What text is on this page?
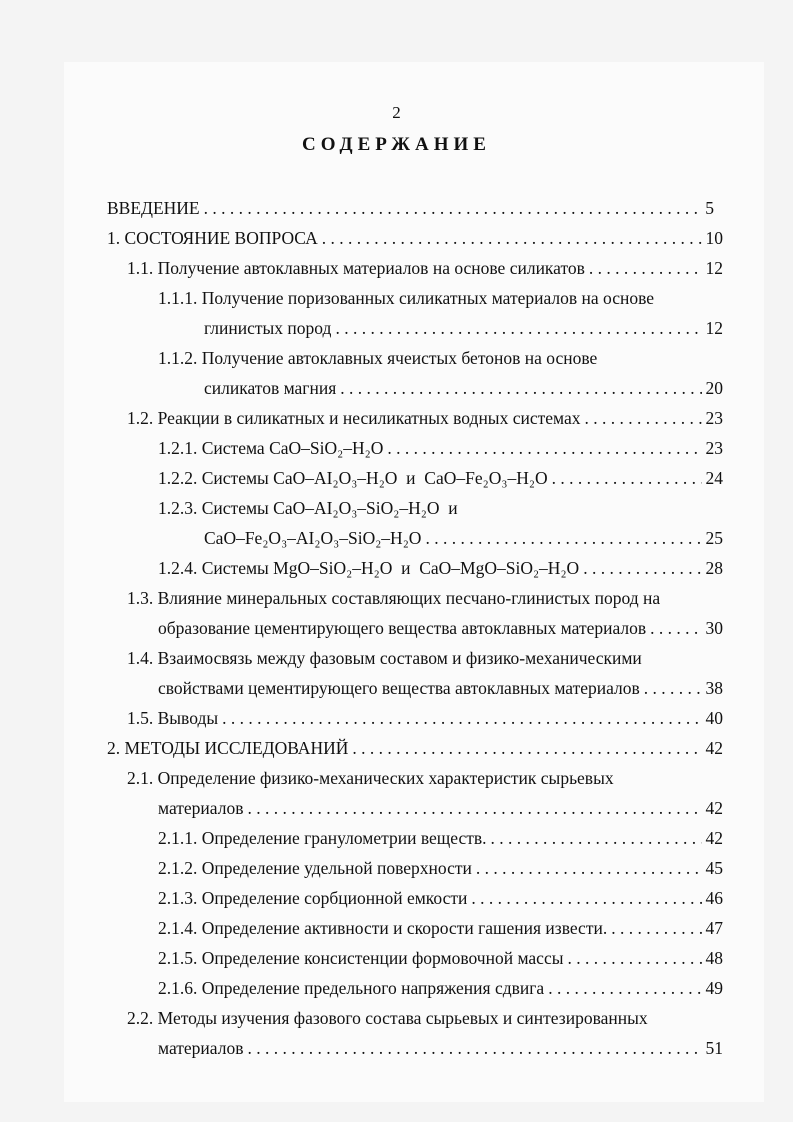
2
СОДЕРЖАНИЕ
ВВЕДЕНИЕ . . .	5
1. СОСТОЯНИЕ ВОПРОСА . . .	10
1.1. Получение автоклавных материалов на основе силикатов . . .	12
1.1.1. Получение поризованных силикатных материалов на основе
глинистых пород . . .	12
1.1.2. Получение автоклавных ячеистых бетонов на основе
силикатов магния . . .	20
1.2. Реакции в силикатных и несиликатных водных системах . . .	23
1.2.1. Система CaO–SiO₂–H₂O . . .	23
1.2.2. Системы CaO–AI₂O₃–H₂O  и  CaO–Fe₂O₃–H₂O . . .	24
1.2.3. Системы CaO–AI₂O₃–SiO₂–H₂O  и
CaO–Fe₂O₃–AI₂O₃–SiO₂–H₂O . . .	25
1.2.4. Системы MgO–SiO₂–H₂O  и  CaO–MgO–SiO₂–H₂O . . .	28
1.3. Влияние минеральных составляющих песчано-глинистых пород на
образование цементирующего вещества автоклавных материалов . . .	30
1.4. Взаимосвязь между фазовым составом и физико-механическими
свойствами цементирующего вещества автоклавных материалов . . .	38
1.5. Выводы . . .	40
2. МЕТОДЫ ИССЛЕДОВАНИЙ . . .	42
2.1. Определение физико-механических характеристик сырьевых
материалов . . .	42
2.1.1. Определение гранулометрии веществ. . . .	42
2.1.2. Определение удельной поверхности . . .	45
2.1.3. Определение сорбционной емкости . . .	46
2.1.4. Определение активности и скорости гашения извести. . . .	47
2.1.5. Определение консистенции формовочной массы . . .	48
2.1.6. Определение предельного напряжения сдвига . . .	49
2.2. Методы изучения фазового состава сырьевых и синтезированных
материалов . . .	51
